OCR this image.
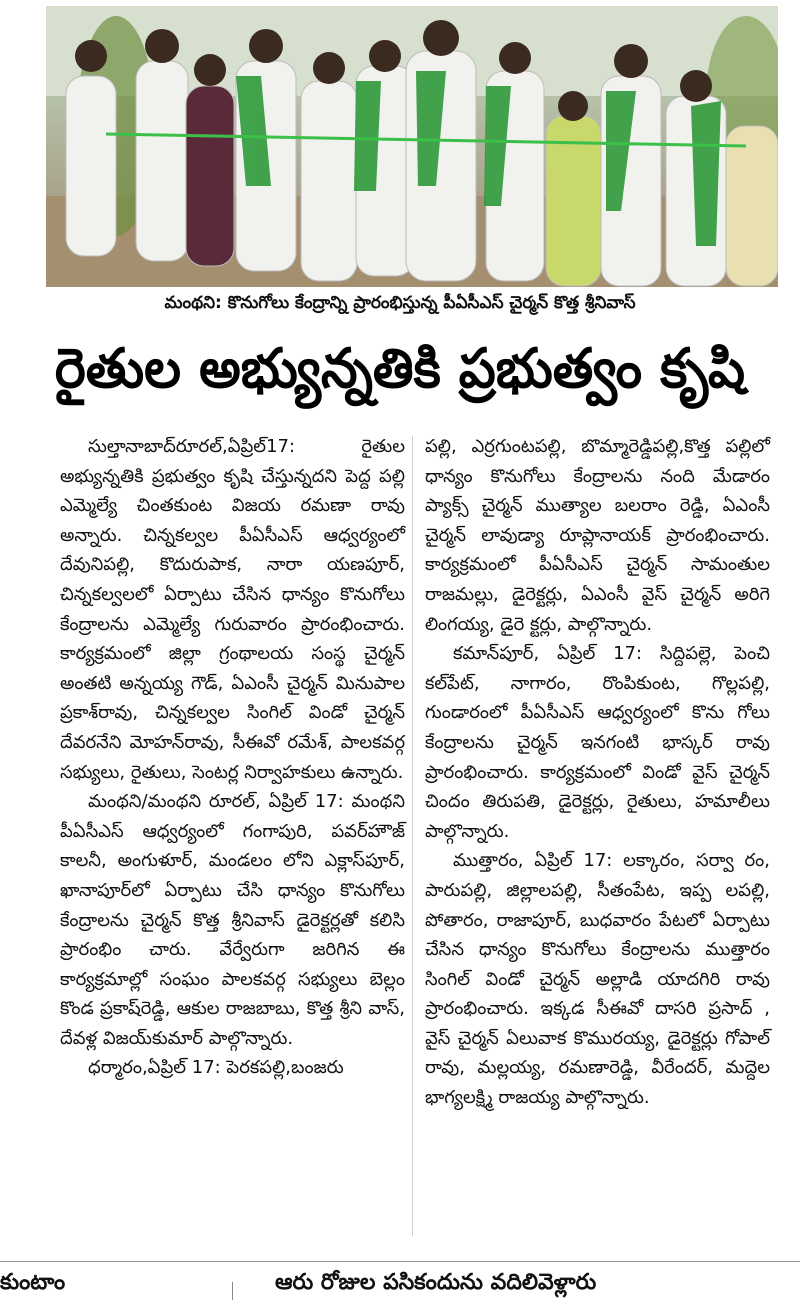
మంథని: కొనుగోలు కేంద్రాన్ని ప్రారంభిస్తున్న పీఏసీఎస్ చైర్మన్ కొత్త శ్రీనివాస్
రైతుల అభ్యున్నతికి ప్రభుత్వం కృషి

సుల్తానాబాద్‌రూరల్,ఏప్రిల్17: రైతుల అభ్యున్నతికి ప్రభుత్వం కృషి చేస్తున్నదని పెద్ద పల్లి ఎమ్మెల్యే చింతకుంట విజయ రమణా రావు అన్నారు. చిన్నకల్వల పీఏసీఎస్ ఆధ్వర్యంలో దేవునిపల్లి, కొదురుపాక, నారా యణపూర్, చిన్నకల్వలలో ఏర్పాటు చేసిన ధాన్యం కొనుగోలు కేంద్రాలను ఎమ్మెల్యే గురువారం ప్రారంభించారు. కార్యక్రమంలో జిల్లా గ్రంథాలయ సంస్థ చైర్మన్ అంతటి అన్నయ్య గౌడ్, ఏఎంసీ చైర్మన్ మినుపాల ప్రకాశ్‌రావు, చిన్నకల్వల సింగిల్ విండో చైర్మన్ దేవరనేని మోహన్‌రావు, సీఈవో రమేశ్, పాలకవర్గ సభ్యులు, రైతులు, సెంటర్ల నిర్వాహకులు ఉన్నారు.

మంథని/మంథని రూరల్, ఏప్రిల్ 17: మంథని పీఏసీఎస్ ఆధ్వర్యంలో గంగాపురి, పవర్‌హౌజ్ కాలనీ, అంగుళూర్, మండలం లోని ఎక్లాస్‌పూర్, ఖానాపూర్‌లో ఏర్పాటు చేసి ధాన్యం కొనుగోలు కేంద్రాలను చైర్మన్ కొత్త శ్రీనివాస్ డైరెక్టర్లతో కలిసి ప్రారంభిం చారు. వేర్వేరుగా జరిగిన ఈ కార్యక్రమాల్లో సంఘం పాలకవర్గ సభ్యులు బెల్లం కొండ ప్రకాష్‌రెడ్డి, ఆకుల రాజబాబు, కొత్త శ్రీని వాస్, దేవళ్ల విజయ్‌కుమార్ పాల్గొన్నారు.

ధర్మారం,ఏప్రిల్ 17: పెరకపల్లి,బంజరు

పల్లి, ఎర్రగుంటపల్లి, బొమ్మారెడ్డిపల్లి,కొత్త పల్లిలో ధాన్యం కొనుగోలు కేంద్రాలను నంది మేడారం ప్యాక్స్ చైర్మన్ ముత్యాల బలరాం రెడ్డి, ఏఎంసీ చైర్మన్ లావుడ్యా రూప్లానాయక్ ప్రారంభించారు. కార్యక్రమంలో పీఏసీఎస్ చైర్మన్ సామంతుల రాజమల్లు, డైరెక్టర్లు, ఏఎంసీ వైస్ చైర్మన్ అరిగె లింగయ్య, డైరె క్టర్లు, పాల్గొన్నారు.

కమాన్‌పూర్, ఏప్రిల్ 17: సిద్దిపల్లె, పెంచి కల్‌పేట్, నాగారం, రొంపికుంట, గొల్లపల్లి, గుండారంలో పీఏసీఎస్ ఆధ్వర్యంలో కొను గోలు కేంద్రాలను చైర్మన్ ఇనగంటి భాస్కర్ రావు ప్రారంభించారు. కార్యక్రమంలో విండో వైస్ చైర్మన్ చిందం తిరుపతి, డైరెక్టర్లు, రైతులు, హమాలీలు పాల్గొన్నారు.

ముత్తారం, ఏప్రిల్ 17: లక్కారం, సర్వా రం, పారుపల్లి, జిల్లాలపల్లి, సీతంపేట, ఇప్ప లపల్లి, పోతారం, రాజాపూర్, బుధవారం పేటలో ఏర్పాటు చేసిన ధాన్యం కొనుగోలు కేంద్రాలను ముత్తారం సింగిల్ విండో చైర్మన్ అల్లాడి యాదగిరి రావు ప్రారంభించారు. ఇక్కడ సీఈవో దాసరి ప్రసాద్ , వైస్ చైర్మన్ ఏలువాక కొమురయ్య, డైరెక్టర్లు గోపాల్ రావు, మల్లయ్య, రమణారెడ్డి, వీరేందర్, మద్దెల భాగ్యలక్ష్మి రాజయ్య పాల్గొన్నారు.

కుంటాం	ఆరు రోజుల పసికందును వదిలివెళ్లారు
